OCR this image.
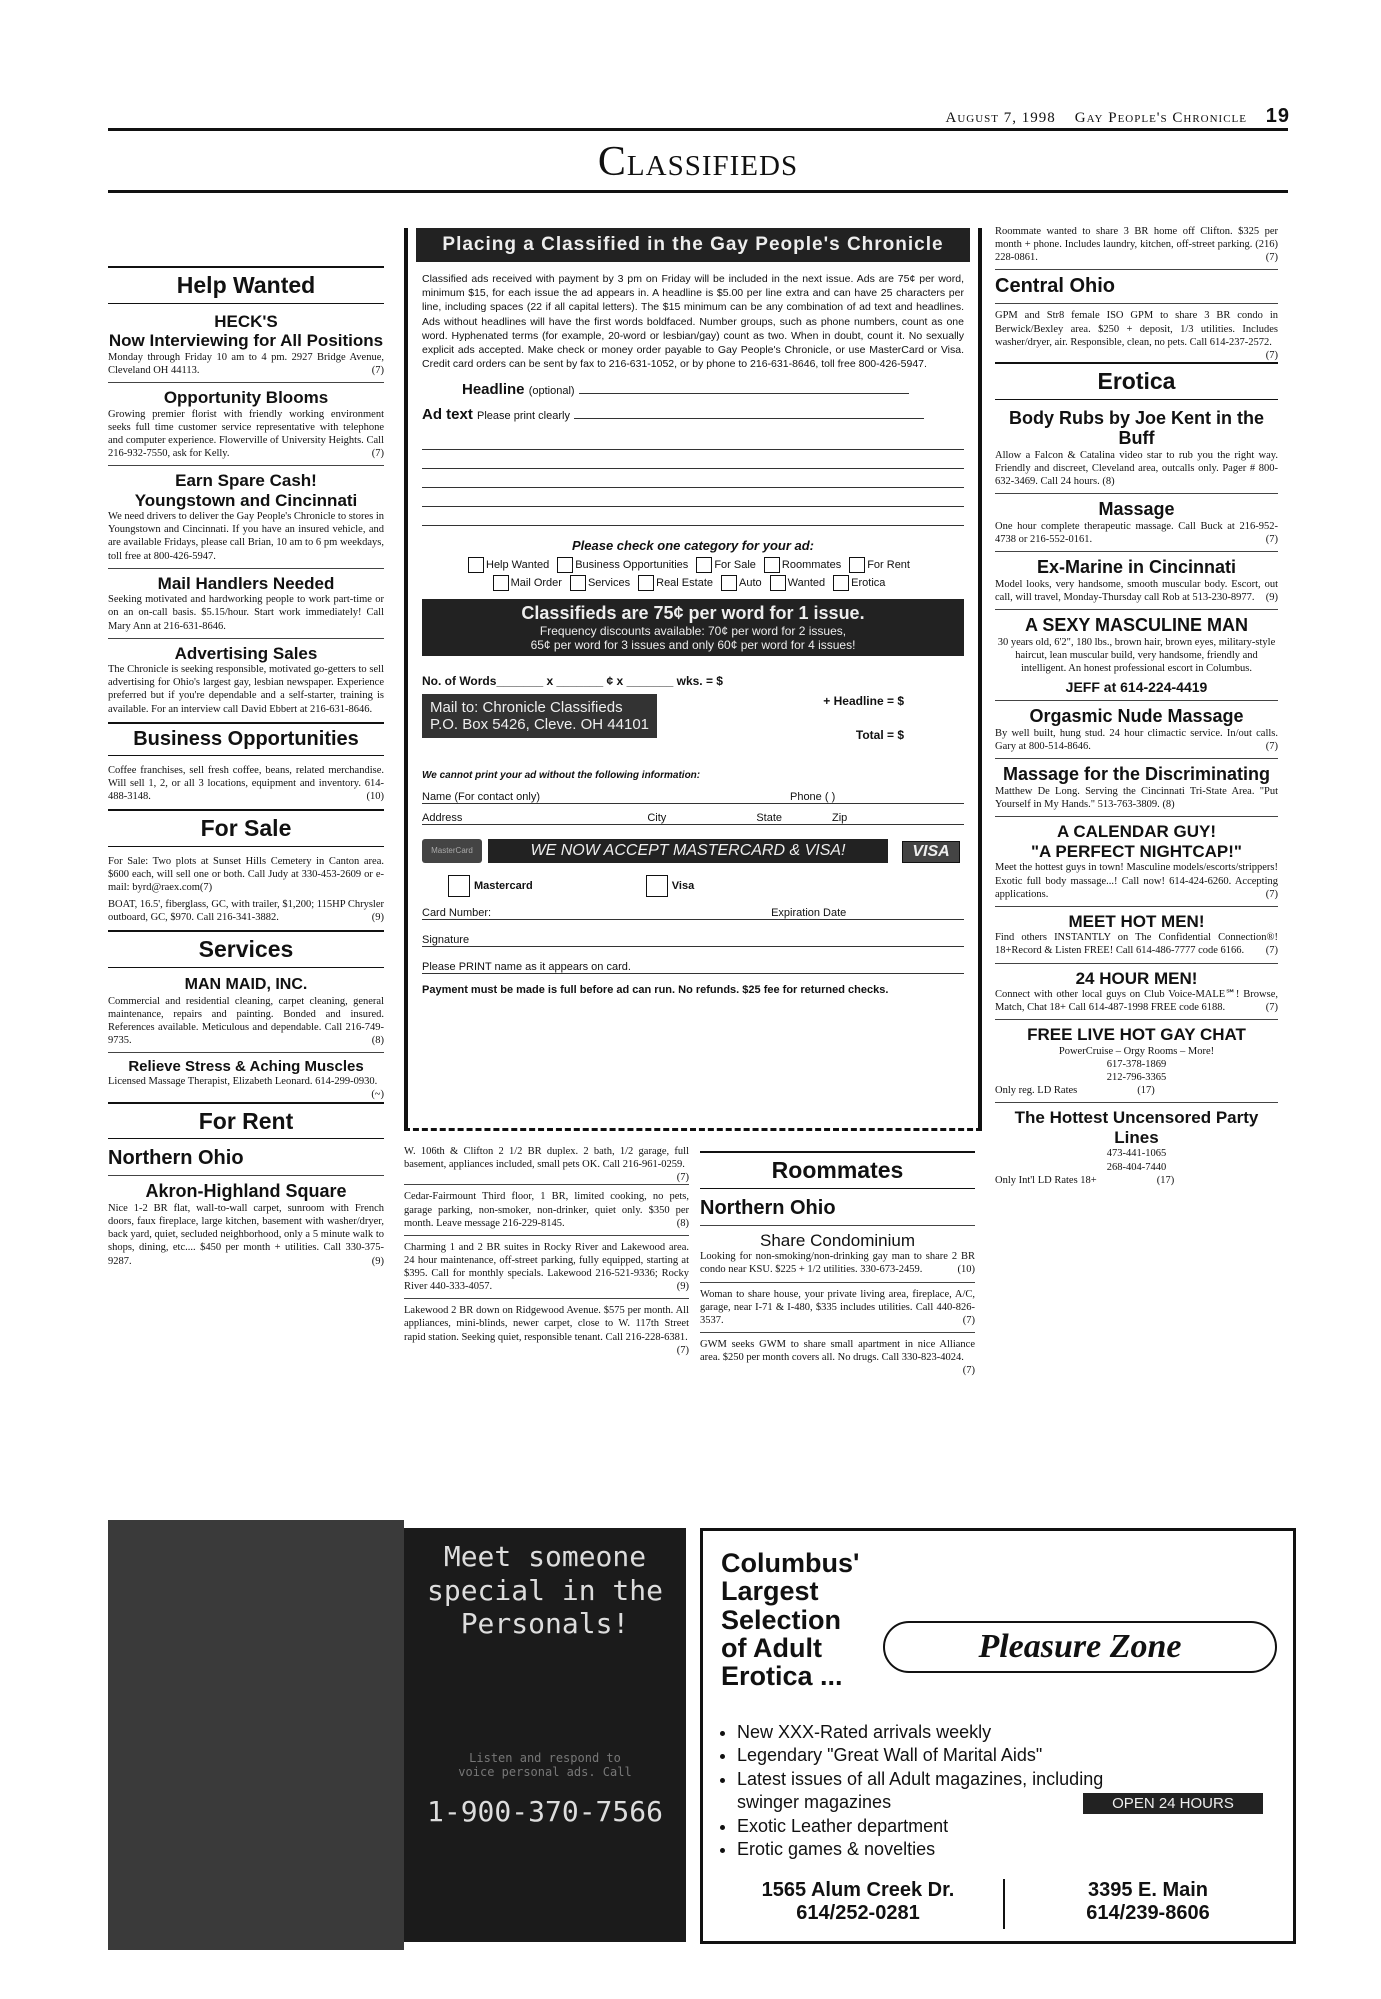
August 7, 1998 Gay People's Chronicle 19
Classifieds
Help Wanted
HECK'S
Now Interviewing for All Positions
Monday through Friday 10 am to 4 pm. 2927 Bridge Avenue, Cleveland OH 44113.	(7)
Opportunity Blooms
Growing premier florist with friendly working environment seeks full time customer service representative with telephone and computer experience. Flowerville of University Heights. Call 216-932-7550, ask for Kelly.	(7)
Earn Spare Cash!
Youngstown and Cincinnati
We need drivers to deliver the Gay People's Chronicle to stores in Youngstown and Cincinnati. If you have an insured vehicle, and are available Fridays, please call Brian, 10 am to 6 pm weekdays, toll free at 800-426-5947.
Mail Handlers Needed
Seeking motivated and hardworking people to work part-time or on an on-call basis. $5.15/hour. Start work immediately! Call Mary Ann at 216-631-8646.
Advertising Sales
The Chronicle is seeking responsible, motivated go-getters to sell advertising for Ohio's largest gay, lesbian newspaper. Experience preferred but if you're dependable and a self-starter, training is available. For an interview call David Ebbert at 216-631-8646.
Business Opportunities
Coffee franchises, sell fresh coffee, beans, related merchandise. Will sell 1, 2, or all 3 locations, equipment and inventory. 614-488-3148.	(10)
For Sale
For Sale: Two plots at Sunset Hills Cemetery in Canton area. $600 each, will sell one or both. Call Judy at 330-453-2609 or e-mail: byrd@raex.com(7)
BOAT, 16.5', fiberglass, GC, with trailer, $1,200; 115HP Chrysler outboard, GC, $970. Call 216-341-3882.	(9)
Services
MAN MAID, INC.
Commercial and residential cleaning, carpet cleaning, general maintenance, repairs and painting. Bonded and insured. References available. Meticulous and dependable. Call 216-749-9735.	(8)
Relieve Stress & Aching Muscles
Licensed Massage Therapist, Elizabeth Leonard. 614-299-0930.
(~)
For Rent
Northern Ohio
Akron-Highland Square
Nice 1-2 BR flat, wall-to-wall carpet, sunroom with French doors, faux fireplace, large kitchen, basement with washer/dryer, back yard, quiet, secluded neighborhood, only a 5 minute walk to shops, dining, etc.... $450 per month + utilities. Call 330-375-9287.	(9)
Placing a Classified in the Gay People's Chronicle
Classified ads received with payment by 3 pm on Friday will be included in the next issue. Ads are 75¢ per word, minimum $15, for each issue the ad appears in. A headline is $5.00 per line extra and can have 25 characters per line, including spaces (22 if all capital letters). The $15 minimum can be any combination of ad text and headlines. Ads without headlines will have the first words boldfaced. Number groups, such as phone numbers, count as one word. Hyphenated terms (for example, 20-word or lesbian/gay) count as two. When in doubt, count it. No sexually explicit ads accepted. Make check or money order payable to Gay People's Chronicle, or use MasterCard or Visa. Credit card orders can be sent by fax to 216-631-1052, or by phone to 216-631-8646, toll free 800-426-5947.
Headline (optional)
Ad text Please print clearly
Please check one category for your ad:
Help Wanted Business Opportunities For Sale Roommates For Rent
Mail Order Services Real Estate Auto Wanted Erotica
Classifieds are 75¢ per word for 1 issue.
Frequency discounts available: 70¢ per word for 2 issues,
65¢ per word for 3 issues and only 60¢ per word for 4 issues!
No. of Words_______ x _______ ¢ x _______ wks. = $
Mail to: Chronicle Classifieds
P.O. Box 5426, Cleve. OH 44101
+ Headline = $
Total = $
We cannot print your ad without the following information:
Name (For contact only)	Phone ( )
Address	City	State	Zip
MasterCard	WE NOW ACCEPT MASTERCARD & VISA!	VISA
Mastercard	Visa
Card Number:	Expiration Date
Signature
Please PRINT name as it appears on card.
Payment must be made is full before ad can run. No refunds. $25 fee for returned checks.
W. 106th & Clifton 2 1/2 BR duplex. 2 bath, 1/2 garage, full basement, appliances included, small pets OK. Call 216-961-0259.
(7)
Cedar-Fairmount Third floor, 1 BR, limited cooking, no pets, garage parking, non-smoker, non-drinker, quiet only. $350 per month. Leave message 216-229-8145.	(8)
Charming 1 and 2 BR suites in Rocky River and Lakewood area. 24 hour maintenance, off-street parking, fully equipped, starting at $395. Call for monthly specials. Lakewood 216-521-9336; Rocky River 440-333-4057.	(9)
Lakewood 2 BR down on Ridgewood Avenue. $575 per month. All appliances, mini-blinds, newer carpet, close to W. 117th Street rapid station. Seeking quiet, responsible tenant. Call 216-228-6381.
(7)
Roommates
Northern Ohio
Share Condominium
Looking for non-smoking/non-drinking gay man to share 2 BR condo near KSU. $225 + 1/2 utilities. 330-673-2459.	(10)
Woman to share house, your private living area, fireplace, A/C, garage, near I-71 & I-480, $335 includes utilities. Call 440-826-3537.	(7)
GWM seeks GWM to share small apartment in nice Alliance area. $250 per month covers all. No drugs. Call 330-823-4024.
(7)
Roommate wanted to share 3 BR home off Clifton. $325 per month + phone. Includes laundry, kitchen, off-street parking. (216) 228-0861.	(7)
Central Ohio
GPM and Str8 female ISO GPM to share 3 BR condo in Berwick/Bexley area. $250 + deposit, 1/3 utilities. Includes washer/dryer, air. Responsible, clean, no pets. Call 614-237-2572.
(7)
Erotica
Body Rubs by Joe Kent in the Buff
Allow a Falcon & Catalina video star to rub you the right way. Friendly and discreet, Cleveland area, outcalls only. Pager # 800-632-3469. Call 24 hours. (8)
Massage
One hour complete therapeutic massage. Call Buck at 216-952-4738 or 216-552-0161.	(7)
Ex-Marine in Cincinnati
Model looks, very handsome, smooth muscular body. Escort, out call, will travel, Monday-Thursday call Rob at 513-230-8977. (9)
A SEXY MASCULINE MAN
30 years old, 6'2", 180 lbs., brown hair, brown eyes, military-style haircut, lean muscular build, very handsome, friendly and intelligent. An honest professional escort in Columbus.
JEFF at 614-224-4419
Orgasmic Nude Massage
By well built, hung stud. 24 hour climactic service. In/out calls. Gary at 800-514-8646.	(7)
Massage for the Discriminating
Matthew De Long. Serving the Cincinnati Tri-State Area. "Put Yourself in My Hands." 513-763-3809. (8)
A CALENDAR GUY!
"A PERFECT NIGHTCAP!"
Meet the hottest guys in town! Masculine models/escorts/strippers! Exotic full body massage...! Call now! 614-424-6260. Accepting applications.	(7)
MEET HOT MEN!
Find others INSTANTLY on The Confidential Connection®! 18+Record & Listen FREE! Call 614-486-7777 code 6166. (7)
24 HOUR MEN!
Connect with other local guys on Club Voice-MALE℠! Browse, Match, Chat 18+ Call 614-487-1998 FREE code 6188.	(7)
FREE LIVE HOT GAY CHAT
PowerCruise – Orgy Rooms – More!
617-378-1869
212-796-3365
Only reg. LD Rates	(17)
The Hottest Uncensored Party Lines
473-441-1065
268-404-7440
Only Int'l LD Rates 18+	(17)
Meet someone
special in the
Personals!
Listen and respond to
voice personal ads. Call
1-900-370-7566
Columbus' Largest Selection of Adult Erotica ...
Pleasure Zone
• New XXX-Rated arrivals weekly
• Legendary "Great Wall of Marital Aids"
• Latest issues of all Adult magazines, including swinger magazines
• Exotic Leather department
• Erotic games & novelties
OPEN 24 HOURS
1565 Alum Creek Dr.
614/252-0281
3395 E. Main
614/239-8606
